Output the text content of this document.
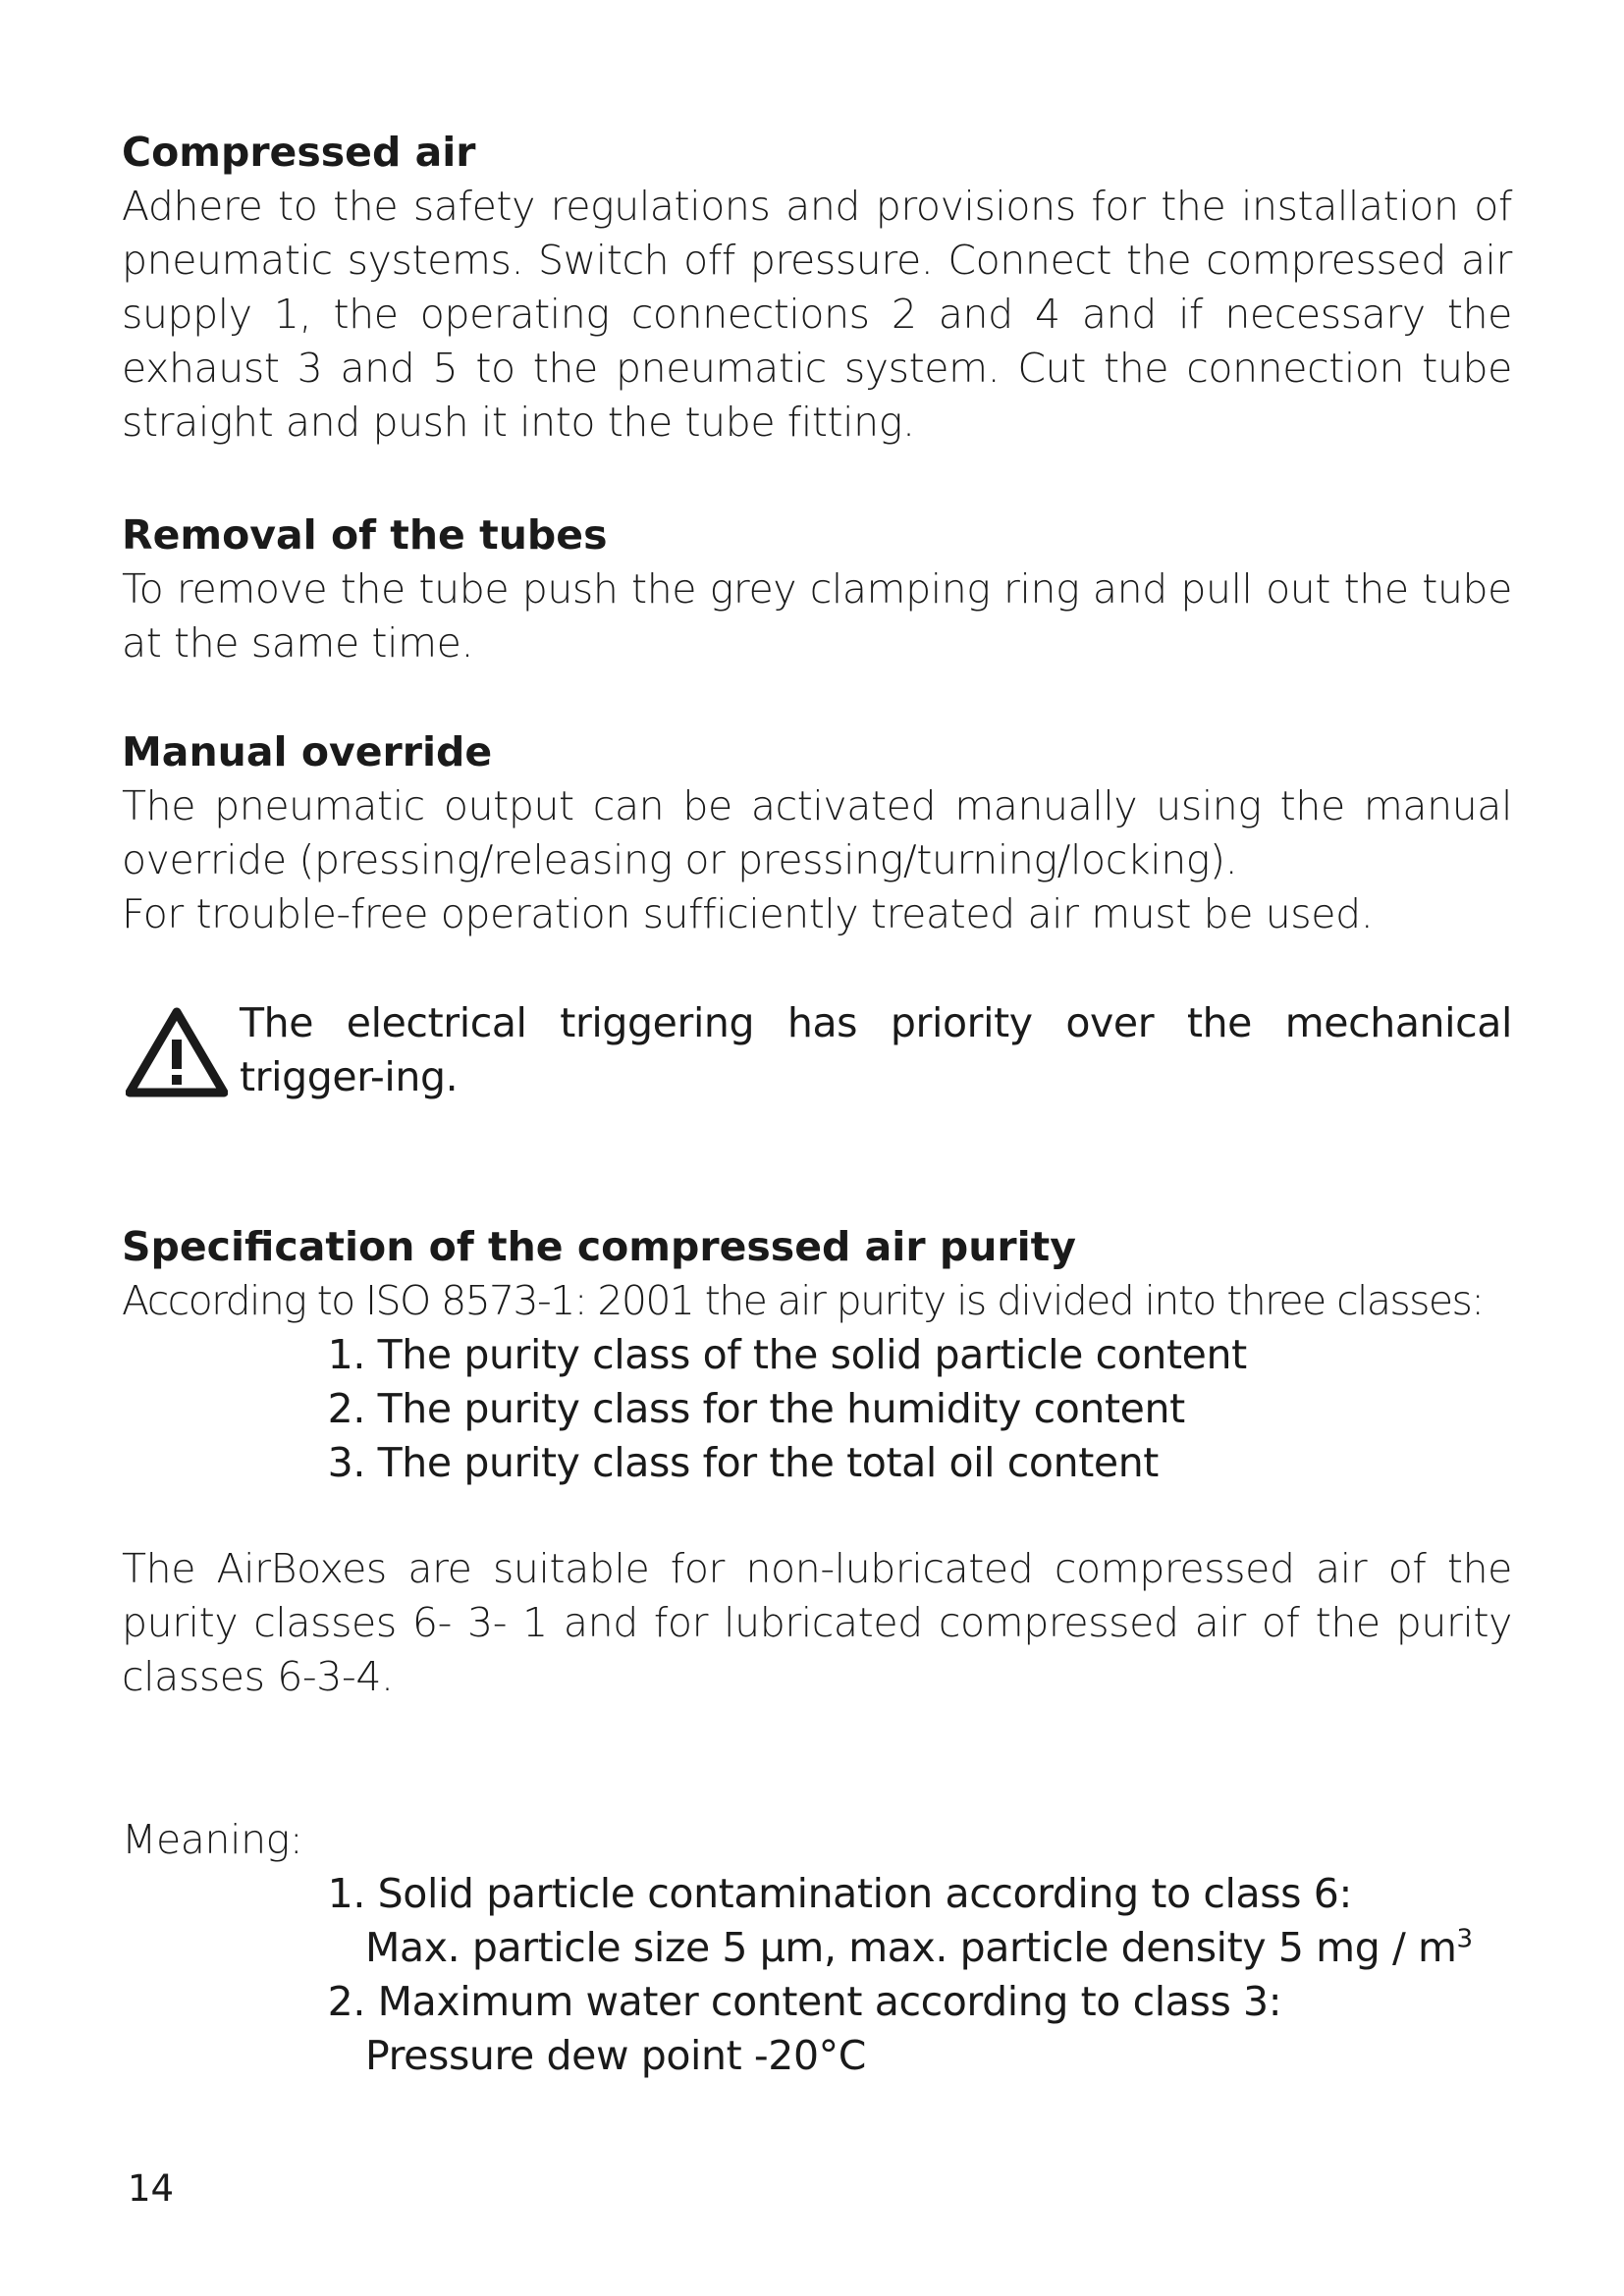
Compressed air

Adhere to the safety regulations and provisions for the installation of pneumatic systems. Switch off pressure. Connect the compressed air supply 1, the operating connections 2 and 4 and if necessary the exhaust 3 and 5 to the pneumatic system. Cut the connection tube straight and push it into the tube fitting.

Removal of the tubes

To remove the tube push the grey clamping ring and pull out the tube at the same time.

Manual override

The pneumatic output can be activated manually using the manual override (pressing/releasing or pressing/turning/locking).

For trouble-free operation sufficiently treated air must be used.

The electrical triggering has priority over the mechanical trigger-ing.

Specification of the compressed air purity

According to ISO 8573-1: 2001 the air purity is divided into three classes:

1. The purity class of the solid particle content
2. The purity class for the humidity content
3. The purity class for the total oil content

The AirBoxes are suitable for non-lubricated compressed air of the purity classes 6- 3- 1 and for lubricated compressed air of the purity classes 6-3-4.

Meaning:

1. Solid particle contamination according to class 6:
Max. particle size 5 µm, max. particle density 5 mg / $m^3$
2. Maximum water content according to class 3:
Pressure dew point -20°C
14
